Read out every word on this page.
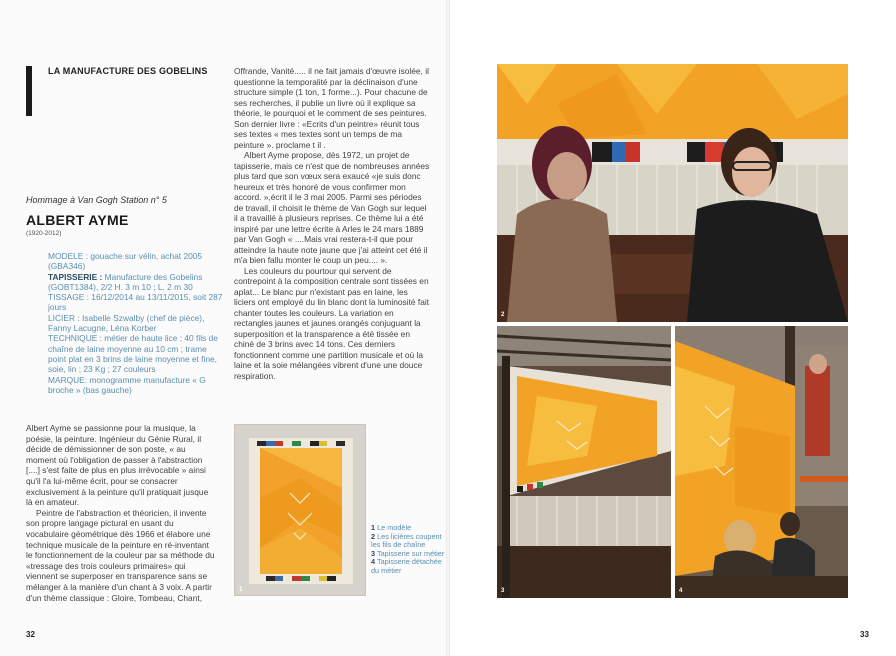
LA MANUFACTURE DES GOBELINS
Hommage à Van Gogh Station n° 5
ALBERT AYME
(1920-2012)
MODELE : gouache sur vélin, achat 2005 (GBA346)
TAPISSERIE : Manufacture des Gobelins (GOBT1384), 2/2 H. 3 m 10 ; L. 2 m 30
TISSAGE : 16/12/2014 au 13/11/2015, soit 287 jours
LICIER : Isabelle Szwalby (chef de pièce), Fanny Lacugne, Léna Korber
TECHNIQUE : métier de haute lice ; 40 fils de chaîne de laine moyenne au 10 cm ; trame point plat en 3 brins de laine moyenne et fine, soie, lin ; 23 Kg ; 27 couleurs
MARQUE: monogramme manufacture « G broche » (bas gauche)

Albert Ayme se passionne pour la musique, la poésie, la peinture. Ingénieur du Génie Rural, il décide de démissionner de son poste, « au moment où l'obligation de passer à l'abstraction [....] s'est faite de plus en plus irrévocable » ainsi qu'il l'a lui-même écrit, pour se consacrer exclusivement à la peinture qu'il pratiquait jusque là en amateur.

Peintre de l'abstraction et théoricien, il invente son propre langage pictural en usant du vocabulaire géométrique dès 1966 et élabore une technique musicale de la peinture en ré-inventant le fonctionnement de la couleur par sa méthode du «tressage des trois couleurs primaires» qui viennent se superposer en transparence sans se mélanger à la manière d'un chant à 3 voix. A partir d'un thème classique : Gloire, Tombeau, Chant,

Offrande, Vanité..... il ne fait jamais d'œuvre isolée, il questionne la temporalité par la déclinaison d'une structure simple (1 ton, 1 forme...). Pour chacune de ses recherches, il publie un livre où il explique sa théorie, le pourquoi et le comment de ses peintures. Son dernier livre : «Ecrits d'un peintre» réunit tous ses textes « mes textes sont un temps de ma peinture ». proclame t il .

Albert Ayme propose, dès 1972, un projet de tapisserie, mais ce n'est que de nombreuses années plus tard que son vœux sera exaucé «je suis donc heureux et très honoré de vous confirmer mon accord. »,écrit il le 3 mai 2005. Parmi ses périodes de travail, il choisit le thème de Van Gogh sur lequel il a travaillé à plusieurs reprises. Ce thème lui a été inspiré par une lettre écrite à Arles le 24 mars 1889 par Van Gogh « ....Mais vrai restera-t-il que pour atteindre la haute note jaune que j'ai atteint cet été il m'a bien fallu monter le coup un peu.... ».

Les couleurs du pourtour qui servent de contrepoint à la composition centrale sont tissées en aplat... Le blanc pur n'existant pas en laine, les liciers ont employé du lin blanc dont la luminosité fait chanter toutes les couleurs. La variation en rectangles jaunes et jaunes orangés conjuguant la superposition et la transparence a été tissée en chiné de 3 brins avec 14 tons. Ces derniers fonctionnent comme une partition musicale et où la laine et la soie mélangées vibrent d'une une douce respiration.

1
1 Le modèle
2 Les licières coupent les fils de chaîne
3 Tapisserie sur métier
4 Tapisserie détachée du métier
32
2
3	4
33
